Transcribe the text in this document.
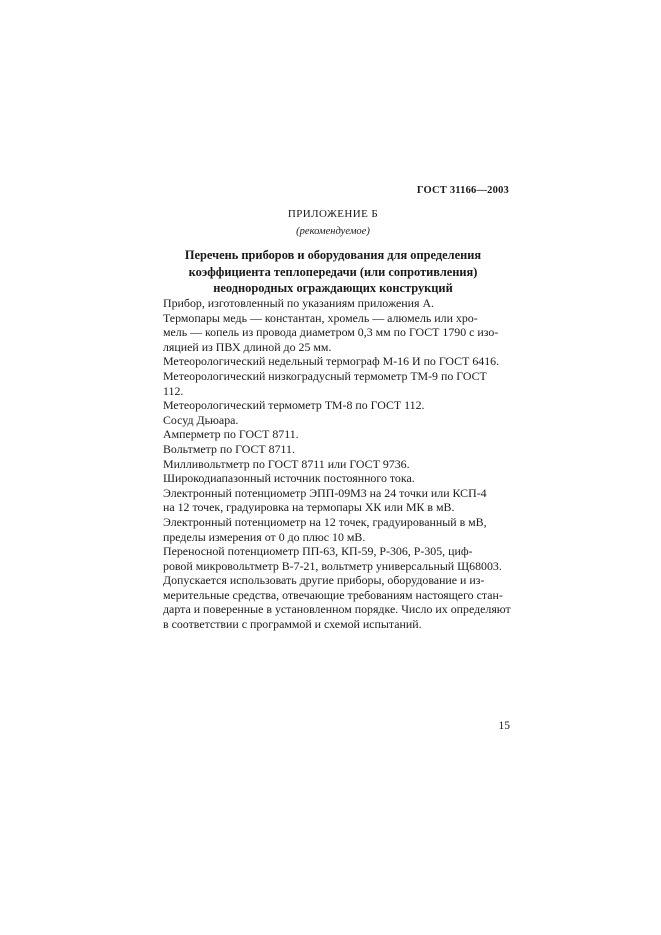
ГОСТ 31166—2003
ПРИЛОЖЕНИЕ Б
(рекомендуемое)
Перечень приборов и оборудования для определения
коэффициента теплопередачи (или сопротивления)
неоднородных ограждающих конструкций
Прибор, изготовленный по указаниям приложения А.
Термопары медь — константан, хромель — алюмель или хро-
мель — копель из провода диаметром 0,3 мм по ГОСТ 1790 с изо-
ляцией из ПВХ длиной до 25 мм.
Метеорологический недельный термограф М-16 И по ГОСТ 6416.
Метеорологический низкоградусный термометр ТМ-9 по ГОСТ
112.
Метеорологический термометр ТМ-8 по ГОСТ 112.
Сосуд Дьюара.
Амперметр по ГОСТ 8711.
Вольтметр по ГОСТ 8711.
Милливольтметр по ГОСТ 8711 или ГОСТ 9736.
Широкодиапазонный источник постоянного тока.
Электронный потенциометр ЭПП-09М3 на 24 точки или КСП-4
на 12 точек, градуировка на термопары ХК или МК в мВ.
Электронный потенциометр на 12 точек, градуированный в мВ,
пределы измерения от 0 до плюс 10 мВ.
Переносной потенциометр ПП-63, КП-59, Р-306, Р-305, циф-
ровой микровольтметр В-7-21, вольтметр универсальный Щ68003.
Допускается использовать другие приборы, оборудование и из-
мерительные средства, отвечающие требованиям настоящего стан-
дарта и поверенные в установленном порядке. Число их определяют
в соответствии с программой и схемой испытаний.
15
